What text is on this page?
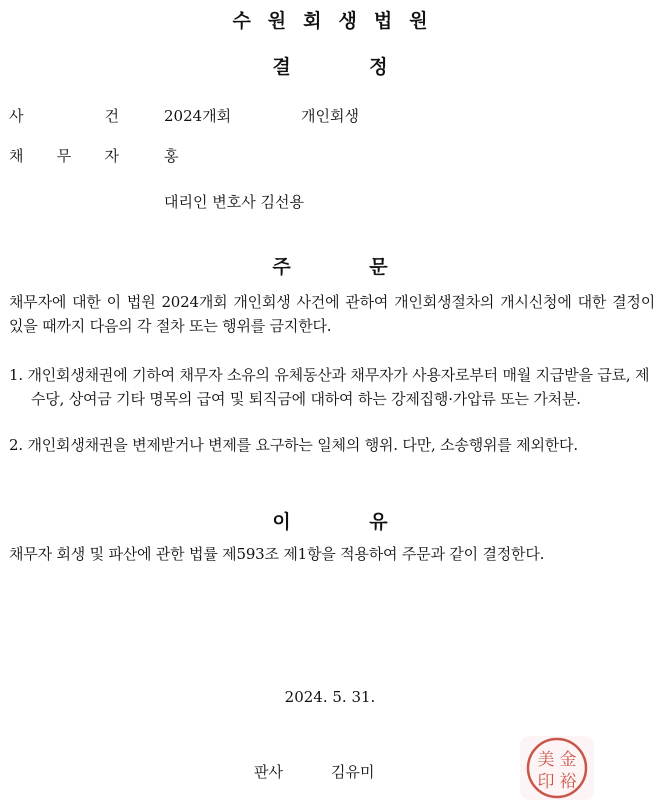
수원회생법원
결 정
사	건	2024개회	개인회생
채 무 자	홍
대리인 변호사 김선용
주 문
채무자에 대한 이 법원 2024개회 개인회생 사건에 관하여 개인회생절차의 개시신청에 대한 결정이 있을 때까지 다음의 각 절차 또는 행위를 금지한다.
1. 개인회생채권에 기하여 채무자 소유의 유체동산과 채무자가 사용자로부터 매월 지급받을 급료, 제수당, 상여금 기타 명목의 급여 및 퇴직금에 대하여 하는 강제집행·가압류 또는 가처분.
2. 개인회생채권을 변제받거나 변제를 요구하는 일체의 행위. 다만, 소송행위를 제외한다.
이 유
채무자 회생 및 파산에 관한 법률 제593조 제1항을 적용하여 주문과 같이 결정한다.
2024. 5. 31.
판사	김유미
金
裕
美
印
